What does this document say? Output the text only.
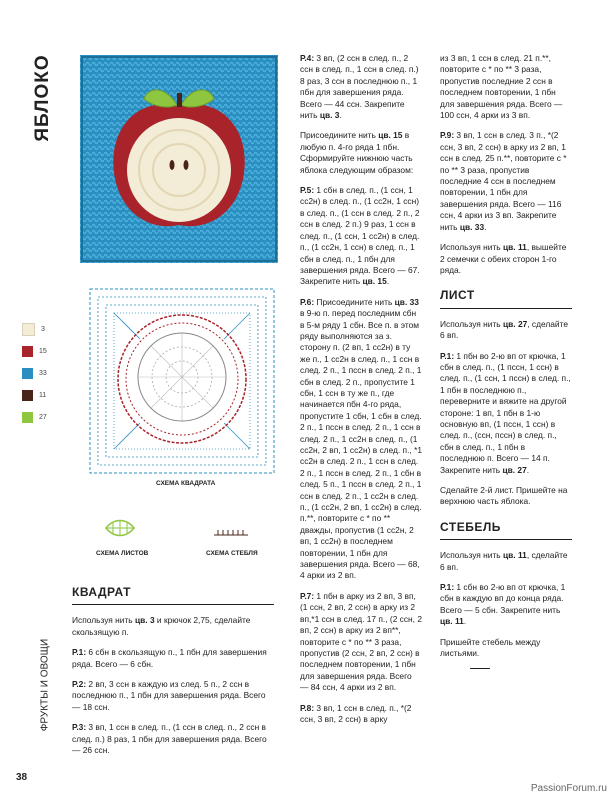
ЯБЛОКО
3
15
33
11
27
СХЕМА КВАДРАТА
СХЕМА ЛИСТОВ	СХЕМА СТЕБЛЯ
КВАДРАТ

Используя нить цв. 3 и крючок 2,75, сделайте скользящую п.

Р.1: 6 сбн в скользящую п., 1 пбн для завершения ряда. Всего — 6 сбн.

Р.2: 2 вп, 3 ссн в каждую из след. 5 п., 2 ссн в последнюю п., 1 пбн для завершения ряда. Всего — 18 ссн.

Р.3: 3 вп, 1 ссн в след. п., (1 ссн в след. п., 2 ссн в след. п.) 8 раз, 1 пбн для завершения ряда. Всего — 26 ссн.

Р.4: 3 вп, (2 ссн в след. п., 2 ссн в след. п., 1 ссн в след. п.) 8 раз, 3 ссн в последнюю п., 1 пбн для завершения ряда. Всего — 44 ссн. Закрепите нить цв. 3.

Присоедините нить цв. 15 в любую п. 4-го ряда 1 пбн. Сформируйте нижнюю часть яблока следующим образом:

Р.5: 1 сбн в след. п., (1 ссн, 1 сс2н) в след. п., (1 сс2н, 1 ссн) в след. п., (1 ссн в след. 2 п., 2 ссн в след. 2 п.) 9 раз, 1 ссн в след. п., (1 ссн, 1 сс2н) в след. п., (1 сс2н, 1 ссн) в след. п., 1 сбн в след. п., 1 пбн для завершения ряда. Всего — 67. Закрепите нить цв. 15.

Р.6: Присоедините нить цв. 33 в 9-ю п. перед последним сбн в 5-м ряду 1 сбн. Все п. в этом ряду выполняются за з. сторону п. (2 вп, 1 сс2н) в ту же п., 1 сс2н в след. п., 1 ссн в след. 2 п., 1 пссн в след. 2 п., 1 сбн в след. 2 п., пропустите 1 сбн, 1 ссн в ту же п., где начинается пбн 4-го ряда, пропустите 1 сбн, 1 сбн в след. 2 п., 1 пссн в след. 2 п., 1 ссн в след. 2 п., 1 сс2н в след. п., (1 сс2н, 2 вп, 1 сс2н) в след. п., *1 сс2н в след. 2 п., 1 ссн в след. 2 п., 1 пссн в след. 2 п., 1 сбн в след. 5 п., 1 пссн в след. 2 п., 1 ссн в след. 2 п., 1 сс2н в след. п., (1 сс2н, 2 вп, 1 сс2н) в след. п.**, повторите с * по ** дважды, пропустив (1 сс2н, 2 вп, 1 сс2н) в последнем повторении, 1 пбн для завершения ряда. Всего — 68, 4 арки из 2 вп.

Р.7: 1 пбн в арку из 2 вп, 3 вп, (1 ссн, 2 вп, 2 ссн) в арку из 2 вп,*1 ссн в след. 17 п., (2 ссн, 2 вп, 2 ссн) в арку из 2 вп**, повторите с * по ** 3 раза, пропустив (2 ссн, 2 вп, 2 ссн) в последнем повторении, 1 пбн для завершения ряда. Всего — 84 ссн, 4 арки из 2 вп.

Р.8: 3 вп, 1 ссн в след. п., *(2 ссн, 3 вп, 2 ссн) в арку

из 3 вп, 1 ссн в след. 21 п.**, повторите с * по ** 3 раза, пропустив последние 2 ссн в последнем повторении, 1 пбн для завершения ряда. Всего — 100 ссн, 4 арки из 3 вп.

Р.9: 3 вп, 1 ссн в след. 3 п., *(2 ссн, 3 вп, 2 ссн) в арку из 2 вп, 1 ссн в след. 25 п.**, повторите с * по ** 3 раза, пропустив последние 4 ссн в последнем повторении, 1 пбн для завершения ряда. Всего — 116 ссн, 4 арки из 3 вп. Закрепите нить цв. 33.

Используя нить цв. 11, вышейте 2 семечки с обеих сторон 1-го ряда.

ЛИСТ

Используя нить цв. 27, сделайте 6 вп.

Р.1: 1 пбн во 2-ю вп от крючка, 1 сбн в след. п., (1 пссн, 1 ссн) в след. п., (1 ссн, 1 пссн) в след. п., 1 пбн в последнюю п., переверните и вяжите на другой стороне: 1 вп, 1 пбн в 1-ю основную вп, (1 пссн, 1 ссн) в след. п., (ссн, пссн) в след. п., сбн в след. п., 1 пбн в последнюю п. Всего — 14 п. Закрепите нить цв. 27.

Сделайте 2-й лист. Пришейте на верхнюю часть яблока.

СТЕБЕЛЬ

Используя нить цв. 11, сделайте 6 вп.

Р.1: 1 сбн во 2-ю вп от крючка, 1 сбн в каждую вп до конца ряда. Всего — 5 сбн. Закрепите нить цв. 11.

Пришейте стебель между листьями.

ФРУКТЫ И ОВОЩИ
38
PassionForum.ru
